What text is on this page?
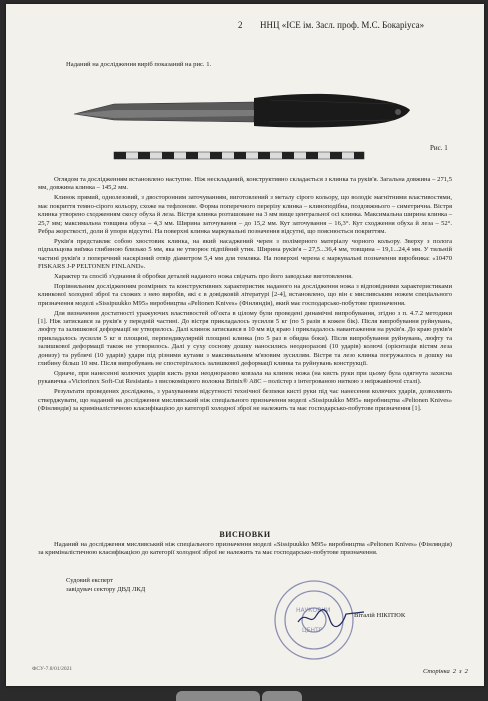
2 ННЦ «ІСЕ ім. Засл. проф. М.С. Бокаріуса»
Наданий на дослідження виріб показаний на рис. 1.
Рис. 1

Оглядом та дослідженням встановлено наступне. Ніж нескладаний, конструктивно складається з клинка та руків'я. Загальна довжина – 271,5 мм, довжина клинка – 145,2 мм.

Клинок прямий, однолезовий, з двосторонним заточуванням, виготовлений з металу сірого кольору, що володіє магнітними властивостями, має покриття темно-сірого кольору, схоже на тефлонове. Форма поперечного перерізу клинка – клиноподібна, поздовжнього – симетрична. Вістря клинка утворено сходженням скосу обуха й леза. Вістря клинка розташоване на 3 мм вище центральної осі клинка. Максимальна ширина клинка – 25,7 мм; максимальна товщина обуха – 4,3 мм. Ширина заточування – до 15,2 мм. Кут заточування – 16,3°. Кут сходження обуха й леза – 52°. Ребра жорсткості, доли й упори відсутні. На поверхні клинка маркувальні позначення відсутні, що пояснюється покриттям.

Руків'я представляє собою хвостовик клинка, на який насаджений черен з полімерного матеріалу чорного кольору. Зверху з полога підпальцова виїмка глибиною близько 5 мм, яка не утворює підпійний утик. Ширина руків'я – 27,5...36,4 мм, товщина – 19,1...24,4 мм. У тильній частині руків'я з поперечний наскрізний отвір діаметром 5,4 мм для темляка. На поверхні черена є маркувальні позначення виробника: «10470 FISKARS J-P PELTONEN FINLAND».

Характер та спосіб з'єднання й обробки деталей наданого ножа свідчать про його заводське виготовлення.

Порівняльним дослідженням розмірних та конструктивних характеристик наданого на дослідження ножа з відповідними характеристиками клинкової холодної зброї та схожих з нею виробів, які є в довідковій літературі [2-4], встановлено, що він є мисливським ножем спеціального призначення моделі «Sissipuukko M95» виробництва «Peltonen Knives» (Фінляндія), який має господарсько-побутове призначення.

Для визначення достатності уражуючих властивостей об'єкта в цілому були проведені динамічні випробування, згідно з п. 4.7.2 методики [1]. Ніж затискався за руків'я у передній частині. До вістря прикладалось зусилля 5 кг (по 5 разів в кожен бік). Після випробування руйнувань, люфту та залишкової деформації не утворилось. Далі клинок затискався в 10 мм від краю і прикладалось навантаження на руків'я. До краю руків'я прикладалось зусилля 5 кг в площині, перпендикулярній площині клинка (по 5 раз в обидва боки). Після випробування руйнувань, люфту та залишкової деформації також не утворилось. Далі у суху соснову дошку наносились неодноразові (10 ударів) колючі (орієнтація вістям леза донизу) та рублячі (10 ударів) удари під різними кутами з максимальним м'язовим зусиллям. Вістря та лезо клинка погружалось в дошку на глибину більш 10 мм. Після випробувань не спостерігалось залишкової деформації клинка та руйнувань конструкції.

Одначе, при нанесенні колючих ударів кисть руки неодноразово ковзала на клинок ножа (на кисть руки при цьому була одягнута захисна рукавичка «Victorinox Soft-Cut Resistant» з високоміцного волокна Brinix® A8C – полістер з інтегрованою ниткою з неіржавіючої сталі).

Результати проведених досліджень, з урахуванням відсутності технічної безпеки кисті руки під час нанесення колючих ударів, дозволяють стверджувати, що наданий на дослідження мисливський ніж спеціального призначення моделі «Sissipuukko M95» виробництва «Peltonen Knives» (Фінляндія) за криміналістичною класифікацією до категорії холодної зброї не належить та має господарсько-побутове призначення [1].

ВИСНОВКИ
Наданий на дослідження мисливський ніж спеціального призначення моделі «Sissipuukko M95» виробництва «Peltonen Knives» (Фінляндія) за криміналістичною класифікацією до категорії холодної зброї не належить та має господарсько-побутове призначення.
Судовий експерт
завідувач сектору ДВД ЛКД
НАУКОВИЙ
ЦЕНТР
Віталій НІКІТЮК
ФСУ-7.8/01/2021	Сторінка 2 з 2
